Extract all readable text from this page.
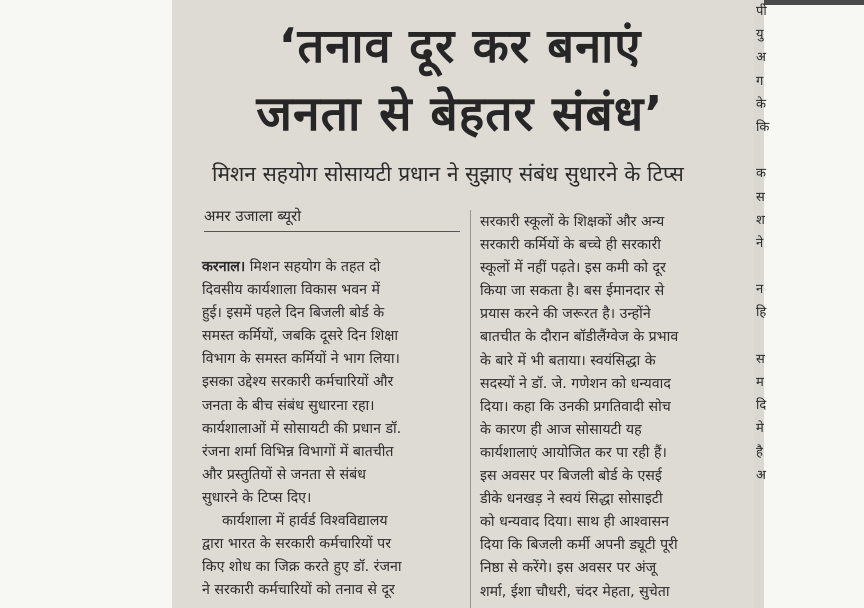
पी
यु
अ
ग
के
कि
क
स
श
ने
न
हि
स
म
दि
मे
है
अ
‘तनाव दूर कर बनाएं
जनता से बेहतर संबंध’
मिशन सहयोग सोसायटी प्रधान ने सुझाए संबंध सुधारने के टिप्स
अमर उजाला ब्यूरो
करनाल। मिशन सहयोग के तहत दो
दिवसीय कार्यशाला विकास भवन में
हुई। इसमें पहले दिन बिजली बोर्ड के
समस्त कर्मियों, जबकि दूसरे दिन शिक्षा
विभाग के समस्त कर्मियों ने भाग लिया।
इसका उद्देश्य सरकारी कर्मचारियों और
जनता के बीच संबंध सुधारना रहा।
कार्यशालाओं में सोसायटी की प्रधान डॉ.
रंजना शर्मा विभिन्न विभागों में बातचीत
और प्रस्तुतियों से जनता से संबंध
सुधारने के टिप्स दिए।
कार्यशाला में हार्वर्ड विश्वविद्यालय
द्वारा भारत के सरकारी कर्मचारियों पर
किए शोध का जिक्र करते हुए डॉ. रंजना
ने सरकारी कर्मचारियों को तनाव से दूर
सरकारी स्कूलों के शिक्षकों और अन्य
सरकारी कर्मियों के बच्चे ही सरकारी
स्कूलों में नहीं पढ़ते। इस कमी को दूर
किया जा सकता है। बस ईमानदार से
प्रयास करने की जरूरत है। उन्होंने
बातचीत के दौरान बॉडीलैंग्वेज के प्रभाव
के बारे में भी बताया। स्वयंसिद्धा के
सदस्यों ने डॉ. जे. गणेशन को धन्यवाद
दिया। कहा कि उनकी प्रगतिवादी सोच
के कारण ही आज सोसायटी यह
कार्यशालाएं आयोजित कर पा रही हैं।
इस अवसर पर बिजली बोर्ड के एसई
डीके धनखड़ ने स्वयं सिद्धा सोसाइटी
को धन्यवाद दिया। साथ ही आश्वासन
दिया कि बिजली कर्मी अपनी ड्यूटी पूरी
निष्ठा से करेंगे। इस अवसर पर अंजू
शर्मा, ईशा चौधरी, चंदर मेहता, सुचेता
